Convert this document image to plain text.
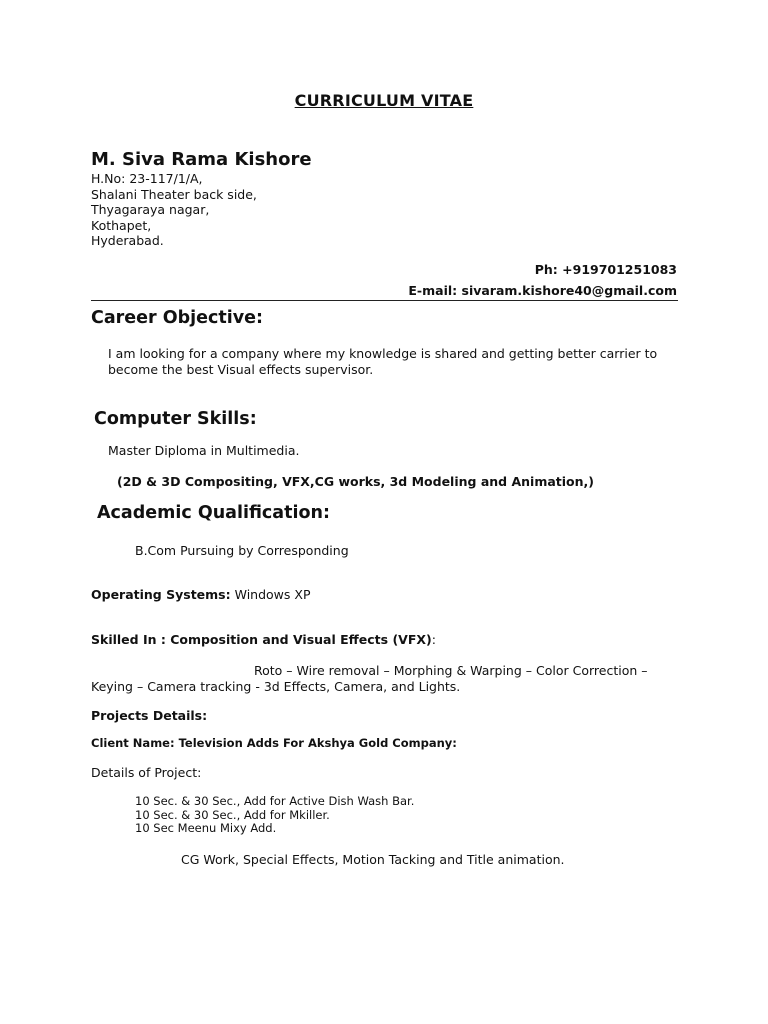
CURRICULUM VITAE
M. Siva Rama Kishore
H.No: 23-117/1/A,
Shalani Theater back side,
Thyagaraya nagar,
Kothapet,
Hyderabad.
Ph: +919701251083
E-mail: sivaram.kishore40@gmail.com
Career Objective:
I am looking for a company where my knowledge is shared and getting better carrier to
become the best Visual effects supervisor.
Computer Skills:
Master Diploma in Multimedia.
(2D & 3D Compositing, VFX,CG works, 3d Modeling and Animation,)
Academic Qualification:
B.Com Pursuing by Corresponding
Operating Systems: Windows XP
Skilled In : Composition and Visual Effects (VFX):
Roto – Wire removal – Morphing & Warping – Color Correction –
Keying – Camera tracking - 3d Effects, Camera, and Lights.
Projects Details:
Client Name: Television Adds For Akshya Gold Company:
Details of Project:
10 Sec. & 30 Sec., Add for Active Dish Wash Bar.
10 Sec. & 30 Sec., Add for Mkiller.
10 Sec Meenu Mixy Add.
CG Work, Special Effects, Motion Tacking and Title animation.
